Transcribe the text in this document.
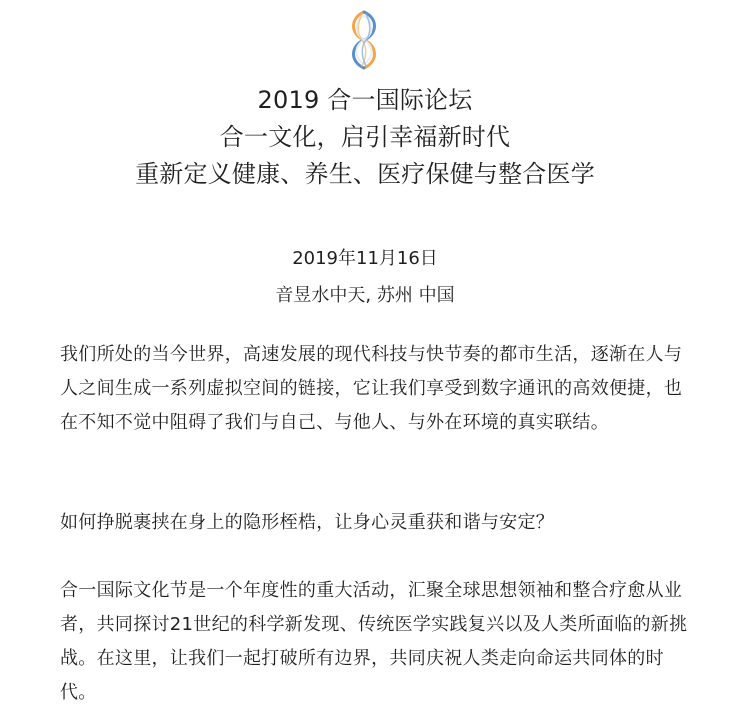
2019 合一国际论坛
合一文化，启引幸福新时代
重新定义健康、养生、医疗保健与整合医学
2019年11月16日
音昱水中天, 苏州 中国

我们所处的当今世界，高速发展的现代科技与快节奏的都市生活，逐渐在人与人之间生成一系列虚拟空间的链接，它让我们享受到数字通讯的高效便捷，也在不知不觉中阻碍了我们与自己、与他人、与外在环境的真实联结。

如何挣脱裹挟在身上的隐形桎梏，让身心灵重获和谐与安定？

合一国际文化节是一个年度性的重大活动，汇聚全球思想领袖和整合疗愈从业者，共同探讨21世纪的科学新发现、传统医学实践复兴以及人类所面临的新挑战。在这里，让我们一起打破所有边界，共同庆祝人类走向命运共同体的时代。
